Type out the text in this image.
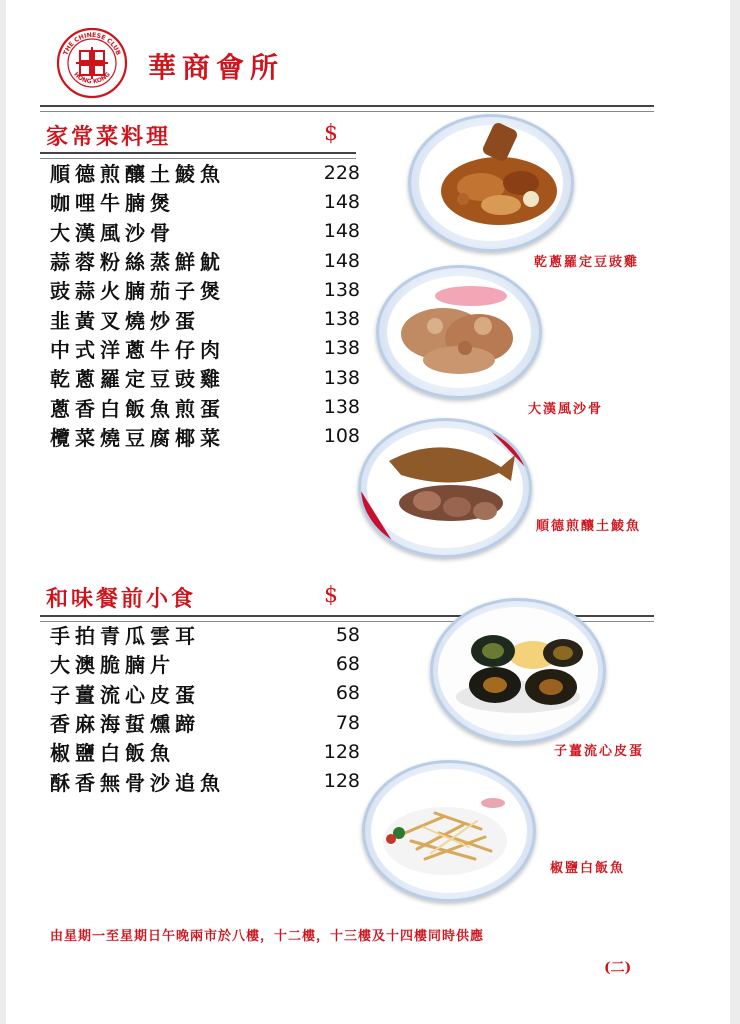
THE CHINESE CLUB
HONG KONG 華商會所
家常菜料理	$
順德煎釀土鯪魚	228
咖哩牛腩煲	148
大漢風沙骨	148
蒜蓉粉絲蒸鮮魷	148
豉蒜火腩茄子煲	138
韭黃叉燒炒蛋	138
中式洋蔥牛仔肉	138
乾蔥羅定豆豉雞	138
蔥香白飯魚煎蛋	138
欖菜燒豆腐椰菜	108
乾蔥羅定豆豉雞
大漢風沙骨
順德煎釀土鯪魚
和味餐前小食	$
手拍青瓜雲耳	58
大澳脆腩片	68
子薑流心皮蛋	68
香麻海蜇燻蹄	78
椒鹽白飯魚	128
酥香無骨沙追魚	128
子薑流心皮蛋
椒鹽白飯魚
由星期一至星期日午晚兩市於八樓，十二樓，十三樓及十四樓同時供應
(二)
